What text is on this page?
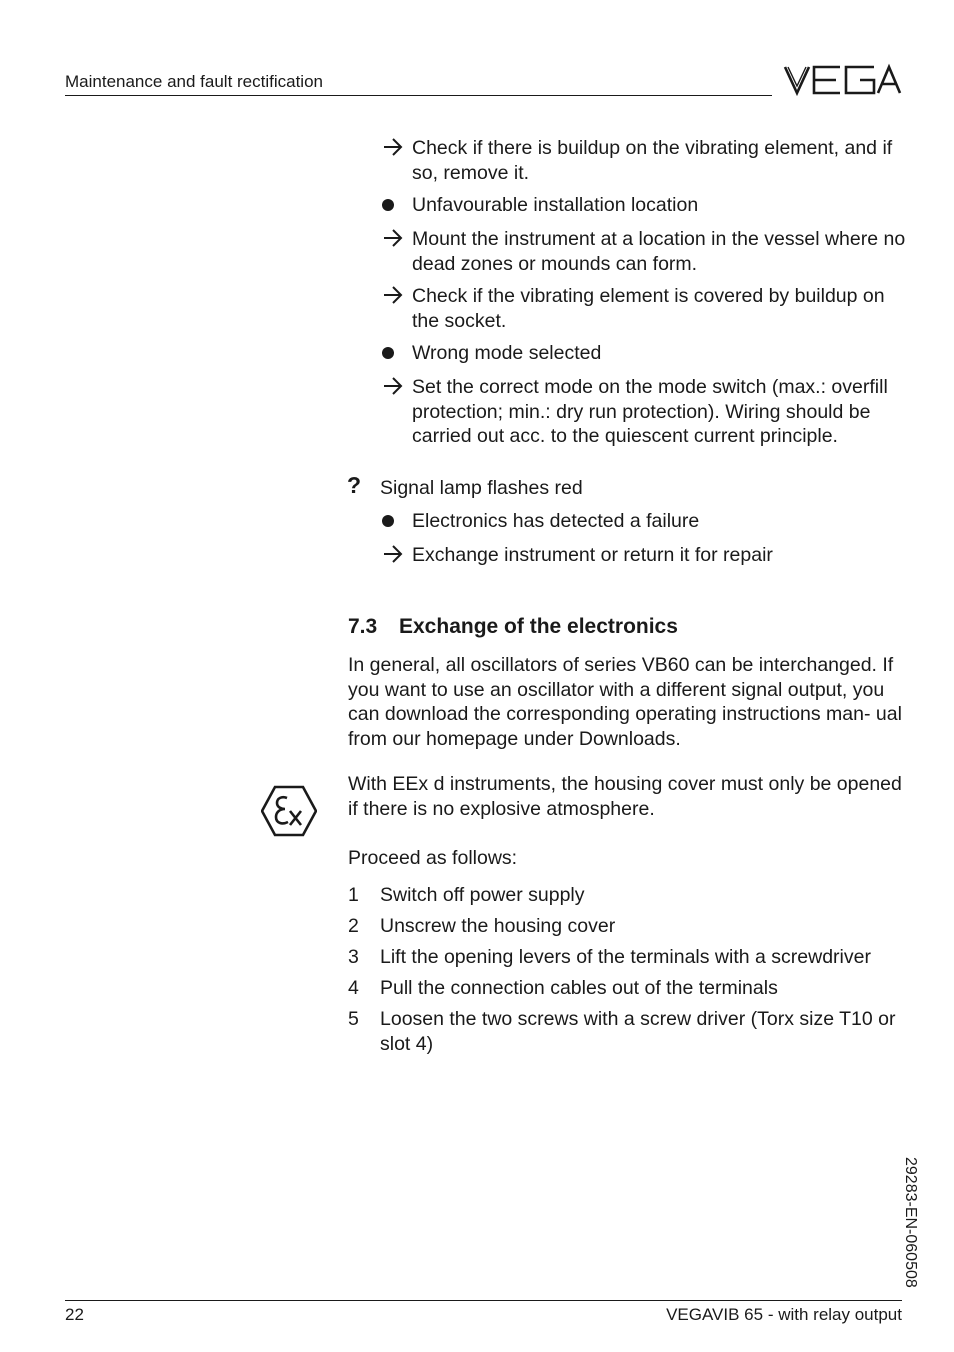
Maintenance and fault rectification
Check if there is buildup on the vibrating element, and if so, remove it.
Unfavourable installation location
Mount the instrument at a location in the vessel where no dead zones or mounds can form.
Check if the vibrating element is covered by buildup on the socket.
Wrong mode selected
Set the correct mode on the mode switch (max.: overfill protection; min.: dry run protection). Wiring should be carried out acc. to the quiescent current principle.
? Signal lamp flashes red
Electronics has detected a failure
Exchange instrument or return it for repair
7.3 Exchange of the electronics
In general, all oscillators of series VB60 can be interchanged. If you want to use an oscillator with a different signal output, you can download the corresponding operating instructions man- ual from our homepage under Downloads.
With EEx d instruments, the housing cover must only be opened if there is no explosive atmosphere.
Proceed as follows:
1 Switch off power supply
2 Unscrew the housing cover
3 Lift the opening levers of the terminals with a screwdriver
4 Pull the connection cables out of the terminals
5 Loosen the two screws with a screw driver (Torx size T10 or slot 4)
29283-EN-060508
22	VEGAVIB 65 - with relay output
